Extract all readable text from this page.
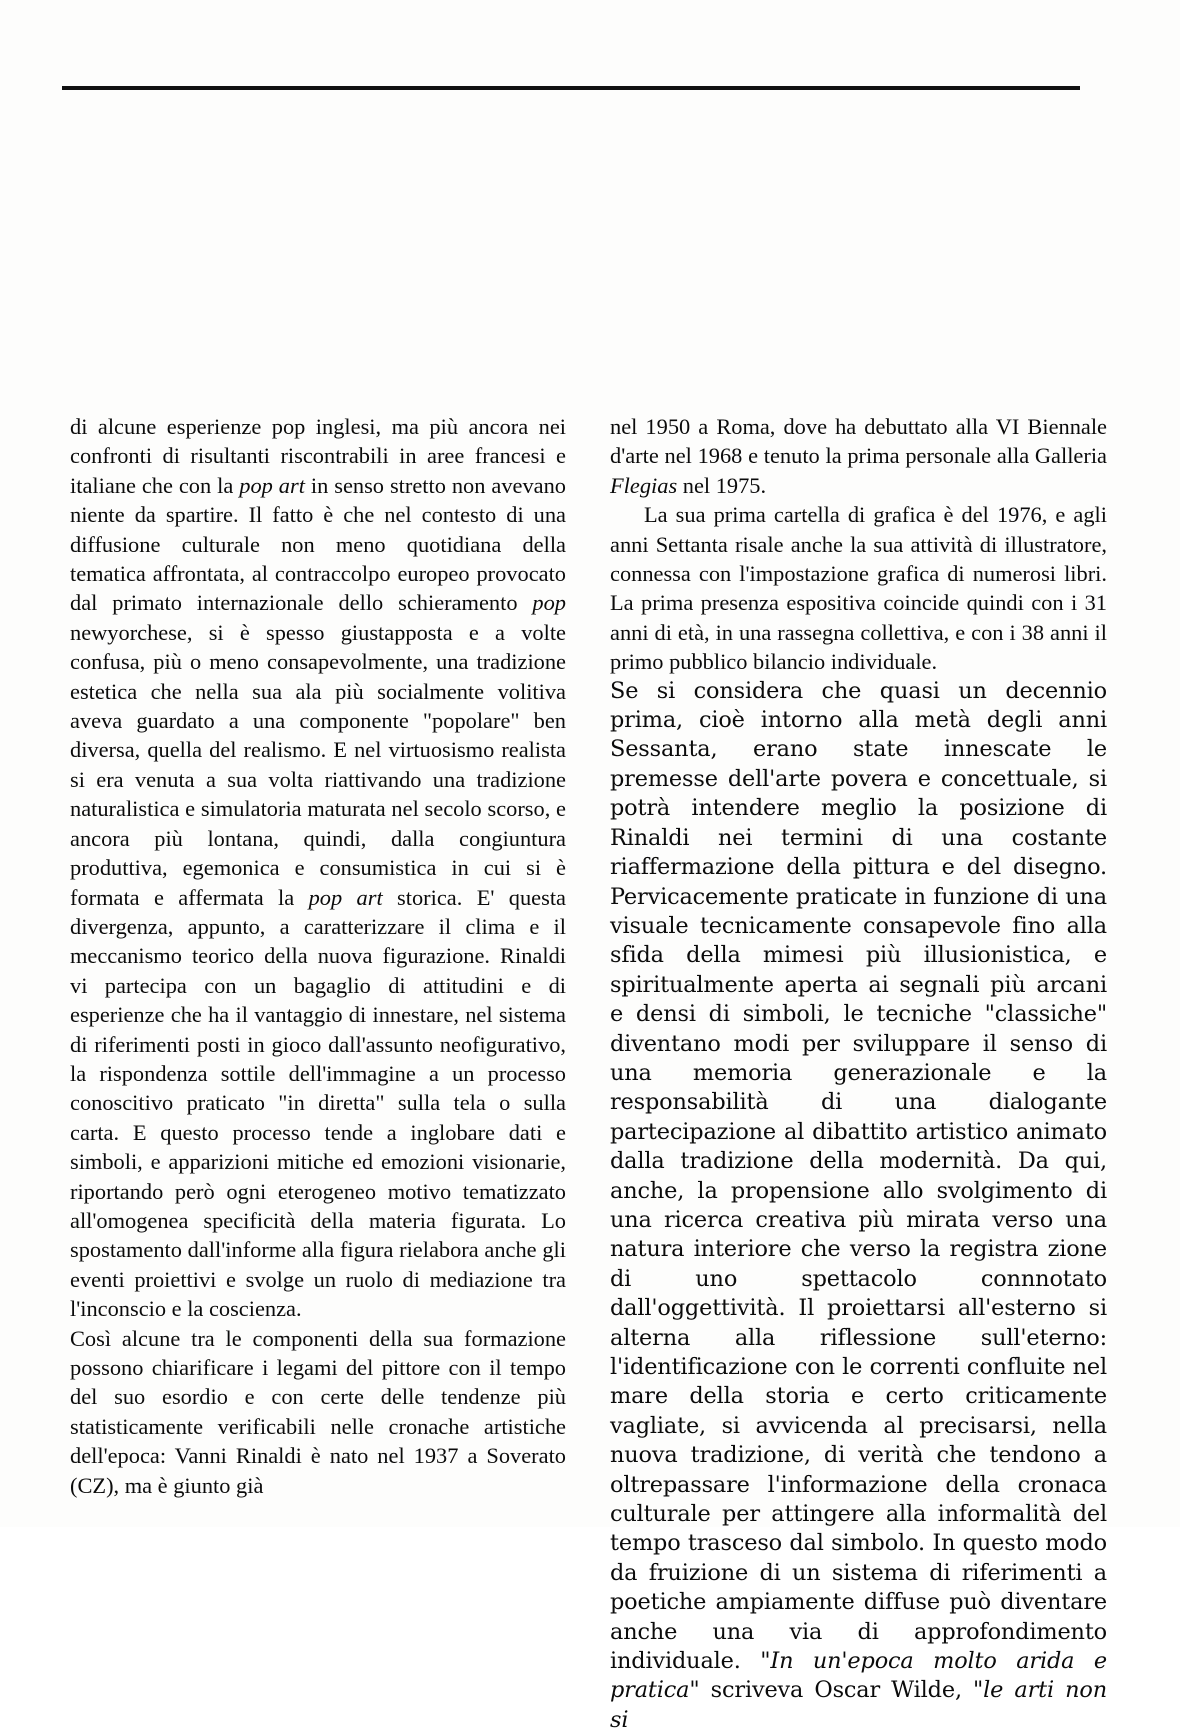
di alcune esperienze pop inglesi, ma più ancora nei confronti di risultanti riscontrabili in aree francesi e italiane che con la pop art in senso stretto non avevano niente da spartire. Il fatto è che nel contesto di una diffusione culturale non meno quotidiana della tematica affrontata, al contraccolpo europeo provocato dal primato internazionale dello schieramento pop newyorchese, si è spesso giustapposta e a volte confusa, più o meno consapevolmente, una tradizione estetica che nella sua ala più socialmente volitiva aveva guardato a una componente "popolare" ben diversa, quella del realismo. E nel virtuosismo realista si era venuta a sua volta riattivando una tradizione naturalistica e simulatoria maturata nel secolo scorso, e ancora più lontana, quindi, dalla congiuntura produttiva, egemonica e consumistica in cui si è formata e affermata la pop art storica. E' questa divergenza, appunto, a caratterizzare il clima e il meccanismo teorico della nuova figurazione. Rinaldi vi partecipa con un bagaglio di attitudini e di esperienze che ha il vantaggio di innestare, nel sistema di riferimenti posti in gioco dall'assunto neofigurativo, la rispondenza sottile dell'immagine a un processo conoscitivo praticato "in diretta" sulla tela o sulla carta. E questo processo tende a inglobare dati e simboli, e apparizioni mitiche ed emozioni visionarie, riportando però ogni eterogeneo motivo tematizzato all'omogenea specificità della materia figurata. Lo spostamento dall'informe alla figura rielabora anche gli eventi proiettivi e svolge un ruolo di mediazione tra l'inconscio e la coscienza.

Così alcune tra le componenti della sua formazione possono chiarificare i legami del pittore con il tempo del suo esordio e con certe delle tendenze più statisticamente verificabili nelle cronache artistiche dell'epoca: Vanni Rinaldi è nato nel 1937 a Soverato (CZ), ma è giunto già

nel 1950 a Roma, dove ha debuttato alla VI Biennale d'arte nel 1968 e tenuto la prima personale alla Galleria Flegias nel 1975.

La sua prima cartella di grafica è del 1976, e agli anni Settanta risale anche la sua attività di illustratore, connessa con l'impostazione grafica di numerosi libri. La prima presenza espositiva coincide quindi con i 31 anni di età, in una rassegna collettiva, e con i 38 anni il primo pubblico bilancio individuale.

Se si considera che quasi un decennio prima, cioè intorno alla metà degli anni Sessanta, erano state innescate le premesse dell'arte povera e concettuale, si potrà intendere meglio la posizione di Rinaldi nei termini di una costante riaffermazione della pittura e del disegno. Pervicacemente praticate in funzione di una visuale tecnicamente consapevole fino alla sfida della mimesi più illusionistica, e spiritualmente aperta ai segnali più arcani e densi di simboli, le tecniche "classiche" diventano modi per sviluppare il senso di una memoria generazionale e la responsabilità di una dialogante partecipazione al dibattito artistico animato dalla tradizione della modernità. Da qui, anche, la propensione allo svolgimento di una ricerca creativa più mirata verso una natura interiore che verso la registra zione di uno spettacolo connnotato dall'oggettività. Il proiettarsi all'esterno si alterna alla riflessione sull'eterno: l'identificazione con le correnti confluite nel mare della storia e certo criticamente vagliate, si avvicenda al precisarsi, nella nuova tradizione, di verità che tendono a oltrepassare l'informazione della cronaca culturale per attingere alla informalità del tempo trasceso dal simbolo. In questo modo da fruizione di un sistema di riferimenti a poetiche ampiamente diffuse può diventare anche una via di approfondimento individuale. "In un'epoca molto arida e pratica" scriveva Oscar Wilde, "le arti non si
